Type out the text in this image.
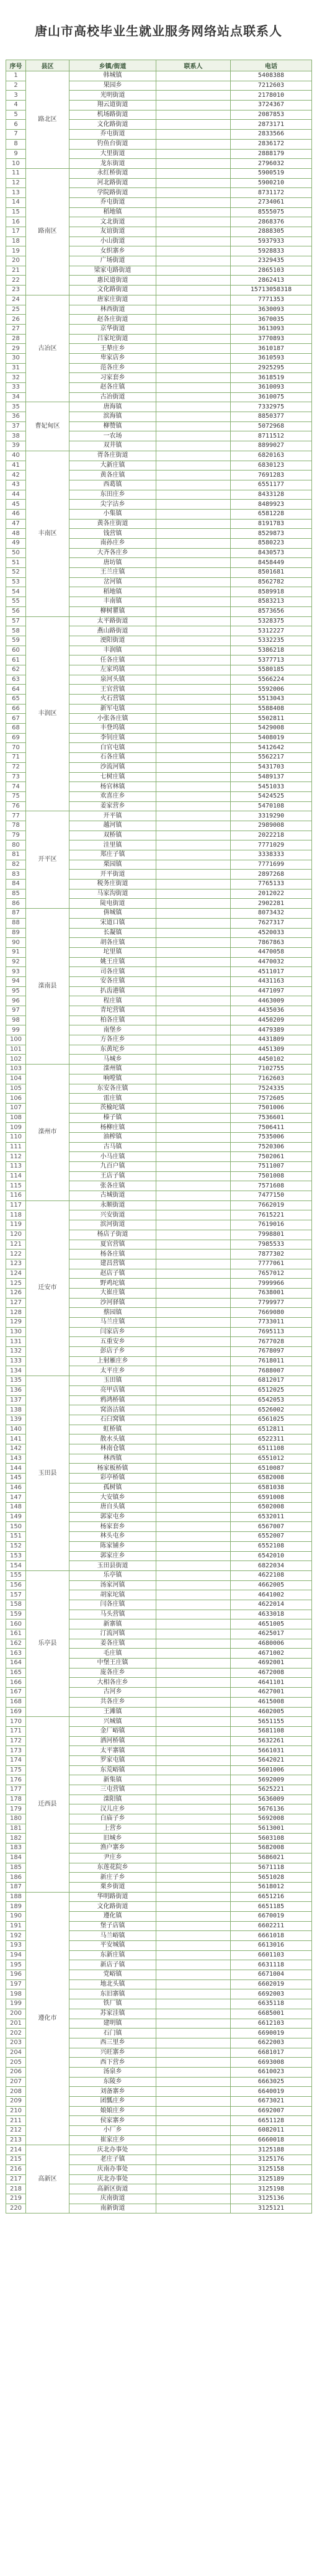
唐山市高校毕业生就业服务网络站点联系人
序号	县区	乡镇/街道	联系人	电话
1	路北区	韩城镇		5408388
2		果园乡		7212603
3		光明街道		2178010
4		翔云道街道		3724367
5		机场路街道		2087853
6		文化路街道		2873171
7		乔屯街道		2833566
8		钓鱼台街道		2836172
9		大里街道		2888179
10		龙东街道		2796032
11	路南区	永红桥街道		5900519
12		河北路街道		5900210
13		学院路街道		8731172
14		乔屯街道		2734061
15		稻地镇		8555075
16		文北街道		2868376
17		友谊街道		2888305
18		小山街道		5937933
19		女织寨乡		5928833
20		广场街道		2329435
21		梁家屯路街道		2865103
22		惠民道街道		2862413
23		文化路街道		15713058318
24	古冶区	唐家庄街道		7771353
25		林西街道		3630093
26		赵各庄街道		3670035
27		京华街道		3613093
28		吕家坨街道		3770893
29		王辇庄乡		3610187
30		卑家店乡		3610593
31		范各庄乡		2925295
32		习家套乡		3618519
33		赵各庄镇		3610093
34		古冶街道		3610075
35	曹妃甸区	唐海镇		7332975
36		滨海镇		8850377
37		柳赞镇		5072968
38		一农场		8711512
39		双井镇		8899027
40	丰南区	胥各庄街道		6820163
41		大新庄镇		6830123
42		黄各庄镇		7691283
43		西葛镇		6551177
44		东田庄乡		8433128
45		尖字沽乡		8489923
46		小集镇		6581228
47		黄各庄街道		8191783
48		钱营镇		8529873
49		南孙庄乡		8580223
50		大齐各庄乡		8430573
51		唐坊镇		8458449
52		王兰庄镇		8501681
53		岔河镇		8562782
54		稻地镇		8589918
55		丰南镇		8583213
56		柳树瞿镇		8573656
57	丰润区	太平路街道		5328375
58		燕山路街道		5312227
59		浭阳街道		5332235
60		丰润镇		5386218
61		任各庄镇		5377713
62		左家坞镇		5580185
63		泉河头镇		5566224
64		王官营镇		5592006
65		火石营镇		5513043
66		新军屯镇		5588408
67		小张各庄镇		5502811
68		丰登坞镇		5429008
69		李钊庄镇		5408019
70		白官屯镇		5412642
71		石各庄镇		5562217
72		沙流河镇		5431703
73		七树庄镇		5489137
74		杨官林镇		5451033
75		欢喜庄乡		5424525
76		姜家营乡		5470108
77	开平区	开平镇		3319290
78		越河镇		2989008
79		双桥镇		2022218
80		洼里镇		7771029
81		郑庄子镇		3338333
82		栗园镇		7771699
83		开平街道		2897268
84		税务庄街道		7765133
85		马家沟街道		2012022
86		陡电街道		2902281
87	滦南县	倴城镇		8073432
88		宋道口镇		7627317
89		长凝镇		4520033
90		胡各庄镇		7867863
91		坨里镇		4470058
92		姚王庄镇		4470032
93		司各庄镇		4511017
94		安各庄镇		4431163
95		扒齿港镇		4471097
96		程庄镇		4463009
97		青坨营镇		4435036
98		柏各庄镇		4450209
99		南堡乡		4479389
100		方各庄乡		4431809
101		东黄坨乡		4451309
102		马城乡		4450102
103	滦州市	滦州镇		7102755
104		响嘡镇		7162603
105		东安各庄镇		7524335
106		雷庄镇		7572605
107		茨榆坨镇		7501006
108		榛子镇		7536601
109		杨柳庄镇		7506411
110		油榨镇		7535006
111		古马镇		7520306
112		小马庄镇		7502061
113		九百户镇		7511007
114		王店子镇		7501008
115		张各庄镇		7571608
116		古城街道		7477150
117	迁安市	永顺街道		7662019
118		兴安街道		7615221
119		滨河街道		7619016
120		杨店子街道		7998801
121		夏官营镇		7985533
122		杨各庄镇		7877302
123		建昌营镇		7777061
124		赵店子镇		7657012
125		野鸡坨镇		7999966
126		大崔庄镇		7638001
127		沙河驿镇		7799977
128		蔡园镇		7669080
129		马兰庄镇		7733011
130		闫家店乡		7695113
131		五重安乡		7677028
132		彭店子乡		7678097
133		上射雁庄乡		7618011
134		太平庄乡		7688007
135	玉田县	玉田镇		6812017
136		亮甲店镇		6512025
137		鸦鸿桥镇		6542053
138		窝洛沽镇		6526002
139		石臼窝镇		6561025
140		虹桥镇		6512811
141		散水头镇		6522311
142		林南仓镇		6511108
143		林西镇		6551012
144		杨家板桥镇		6510087
145		彩亭桥镇		6582008
146		孤树镇		6581038
147		大安镇乡		6591008
148		唐自头镇		6502008
149		郭家屯乡		6532011
150		杨家套乡		6567007
151		林头屯乡		6552007
152		陈家铺乡		6552108
153		郭家庄乡		6542010
154		玉田县街道		6822034
155	乐亭县	乐亭镇		4622108
156		汤家河镇		4662005
157		胡家坨镇		4641002
158		闫各庄镇		4622014
159		马头营镇		4633018
160		新寨镇		4651005
161		汀流河镇		4625017
162		姜各庄镇		4680006
163		毛庄镇		4671002
164		中堡王庄镇		4692001
165		庞各庄乡		4672008
166		大相各庄乡		4641101
167		古河乡		4627001
168		共各庄乡		4615008
169		王滩镇		4602005
170	迁西县	兴城镇		5651155
171		金厂峪镇		5681108
172		洒河桥镇		5632261
173		太平寨镇		5661031
174		罗家屯镇		5642021
175		东荒峪镇		5601006
176		新集镇		5692009
177		三屯营镇		5625221
178		滦阳镇		5636009
179		汉儿庄乡		5676136
180		白庙子乡		5692008
181		上营乡		5613001
182		旧城乡		5603108
183		渔户寨乡		5682008
184		尹庄乡		5686021
185		东莲花院乡		5671118
186		新庄子乡		5651028
187		栗乡街道		5618012
188	遵化市	华明路街道		6651216
189		文化路街道		6651185
190		遵化镇		6670019
191		堡子店镇		6602211
192		马兰峪镇		6661018
193		平安城镇		6613016
194		东新庄镇		6601103
195		新店子镇		6631118
196		党峪镇		6671004
197		地北头镇		6602019
198		东旧寨镇		6692003
199		铁厂镇		6635118
200		苏家洼镇		6685001
201		建明镇		6612103
202		石门镇		6690019
203		西三里乡		6622003
204		兴旺寨乡		6681017
205		西下营乡		6693008
206		汤泉乡		6610023
207		东陵乡		6663025
208		刘备寨乡		6640019
209		团瓢庄乡		6673021
210		娘娘庄乡		6692007
211		侯家寨乡		6651128
212		小厂乡		6082011
213		崔家庄乡		6660018
214	高新区	庆北办事处		3125188
215		老庄子镇		3125176
216		庆南办事处		3125158
217		庆北办事处		3125189
218		高新区街道		3125198
219		庆南街道		3125136
220		南新街道		3125121
